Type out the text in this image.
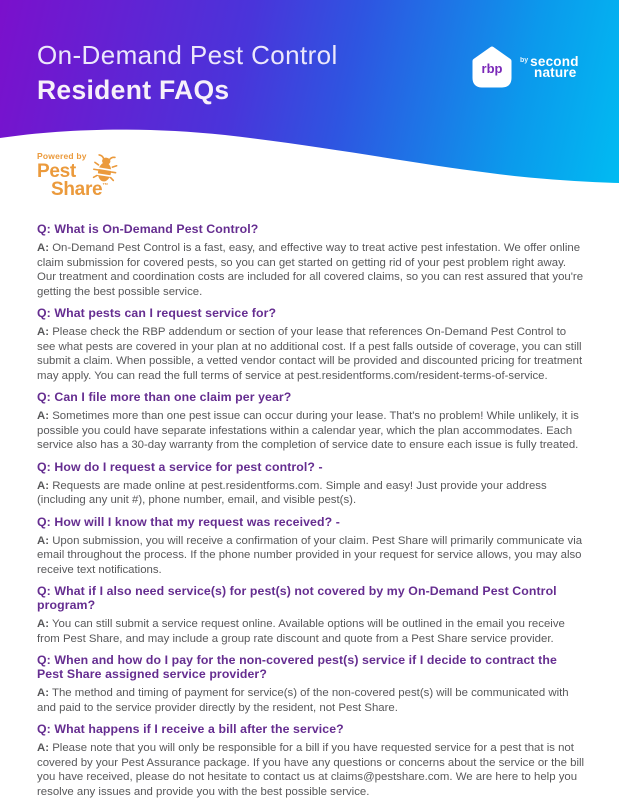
On-Demand Pest Control
Resident FAQs
rbp
$^{by}$ second
nature
Powered by
Pest
Share™
Q: What is On-Demand Pest Control?

A: On-Demand Pest Control is a fast, easy, and effective way to treat active pest infestation. We offer online claim submission for covered pests, so you can get started on getting rid of your pest problem right away. Our treatment and coordination costs are included for all covered claims, so you can rest assured that you're getting the best possible service.

Q: What pests can I request service for?

A: Please check the RBP addendum or section of your lease that references On-Demand Pest Control to see what pests are covered in your plan at no additional cost. If a pest falls outside of coverage, you can still submit a claim. When possible, a vetted vendor contact will be provided and discounted pricing for treatment may apply. You can read the full terms of service at pest.residentforms.com/resident-terms-of-service.

Q: Can I file more than one claim per year?

A: Sometimes more than one pest issue can occur during your lease. That's no problem! While unlikely, it is possible you could have separate infestations within a calendar year, which the plan accommodates. Each service also has a 30-day warranty from the completion of service date to ensure each issue is fully treated.

Q: How do I request a service for pest control? -

A: Requests are made online at pest.residentforms.com. Simple and easy! Just provide your address (including any unit #), phone number, email, and visible pest(s).

Q: How will I know that my request was received? -

A: Upon submission, you will receive a confirmation of your claim. Pest Share will primarily communicate via email throughout the process. If the phone number provided in your request for service allows, you may also receive text notifications.

Q: What if I also need service(s) for pest(s) not covered by my On-Demand Pest Control program?

A: You can still submit a service request online. Available options will be outlined in the email you receive from Pest Share, and may include a group rate discount and quote from a Pest Share service provider.

Q: When and how do I pay for the non-covered pest(s) service if I decide to contract the Pest Share assigned service provider?

A: The method and timing of payment for service(s) of the non-covered pest(s) will be communicated with and paid to the service provider directly by the resident, not Pest Share.

Q: What happens if I receive a bill after the service?

A: Please note that you will only be responsible for a bill if you have requested service for a pest that is not covered by your Pest Assurance package. If you have any questions or concerns about the service or the bill you have received, please do not hesitate to contact us at claims@pestshare.com. We are here to help you resolve any issues and provide you with the best possible service.
